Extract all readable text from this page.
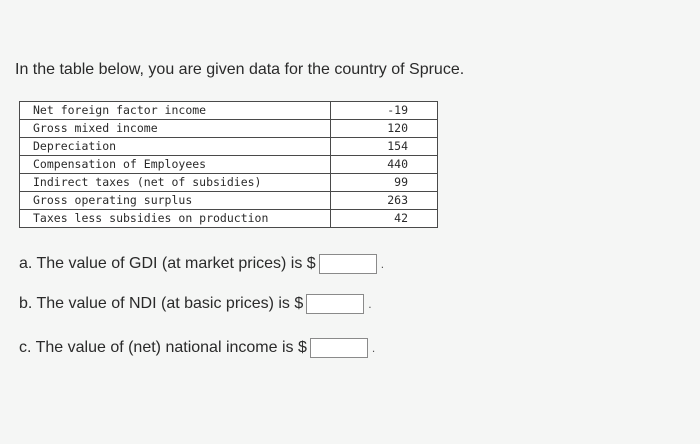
In the table below, you are given data for the country of Spruce.
Net foreign factor income	-19
Gross mixed income	120
Depreciation	154
Compensation of Employees	440
Indirect taxes (net of subsidies)	99
Gross operating surplus	263
Taxes less subsidies on production	42
a. The value of GDI (at market prices) is $	.
b. The value of NDI (at basic prices) is $	.
c. The value of (net) national income is $	.
